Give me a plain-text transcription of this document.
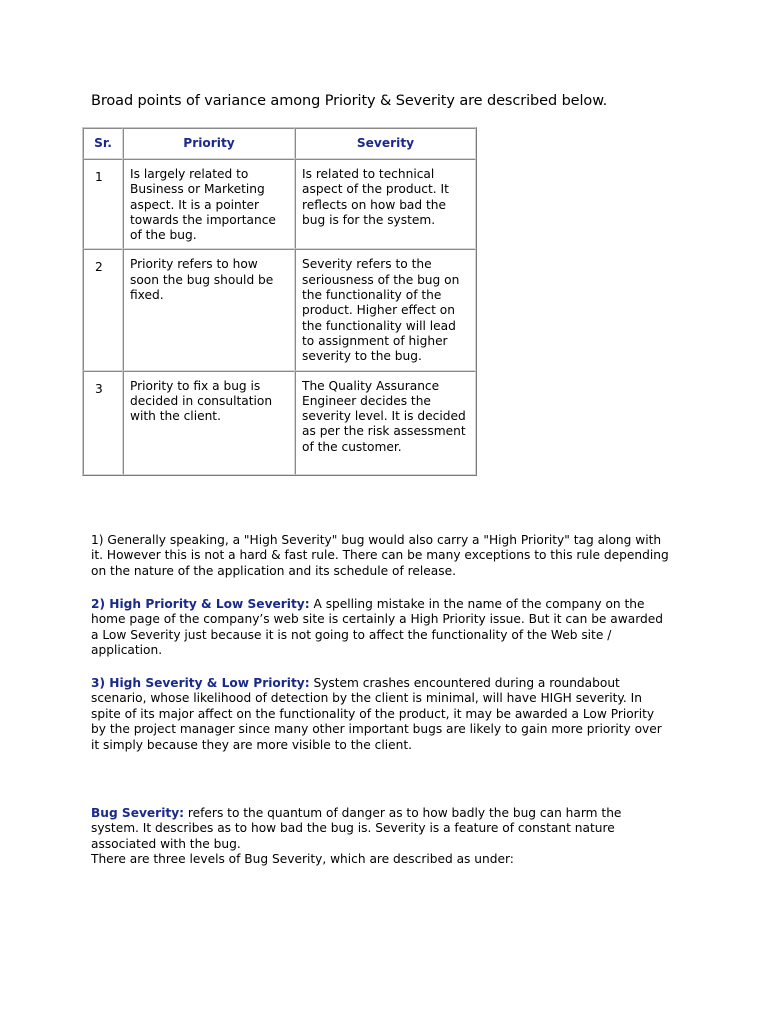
Broad points of variance among Priority & Severity are described below.
Sr.	Priority	Severity

1	Is largely related to Business or Marketing aspect. It is a pointer towards the importance of the bug.	Is related to technical aspect of the product. It reflects on how bad the bug is for the system.

2	Priority refers to how soon the bug should be fixed.	Severity refers to the seriousness of the bug on the functionality of the product. Higher effect on the functionality will lead to assignment of higher severity to the bug.

3	Priority to fix a bug is decided in consultation with the client.	The Quality Assurance Engineer decides the severity level. It is decided as per the risk assessment of the customer.

1) Generally speaking, a "High Severity" bug would also carry a "High Priority" tag along with it. However this is not a hard & fast rule. There can be many exceptions to this rule depending on the nature of the application and its schedule of release.

2) High Priority & Low Severity: A spelling mistake in the name of the company on the home page of the company’s web site is certainly a High Priority issue. But it can be awarded a Low Severity just because it is not going to affect the functionality of the Web site / application.

3) High Severity & Low Priority: System crashes encountered during a roundabout scenario, whose likelihood of detection by the client is minimal, will have HIGH severity. In spite of its major affect on the functionality of the product, it may be awarded a Low Priority by the project manager since many other important bugs are likely to gain more priority over it simply because they are more visible to the client.

Bug Severity: refers to the quantum of danger as to how badly the bug can harm the system. It describes as to how bad the bug is. Severity is a feature of constant nature associated with the bug.
There are three levels of Bug Severity, which are described as under:
